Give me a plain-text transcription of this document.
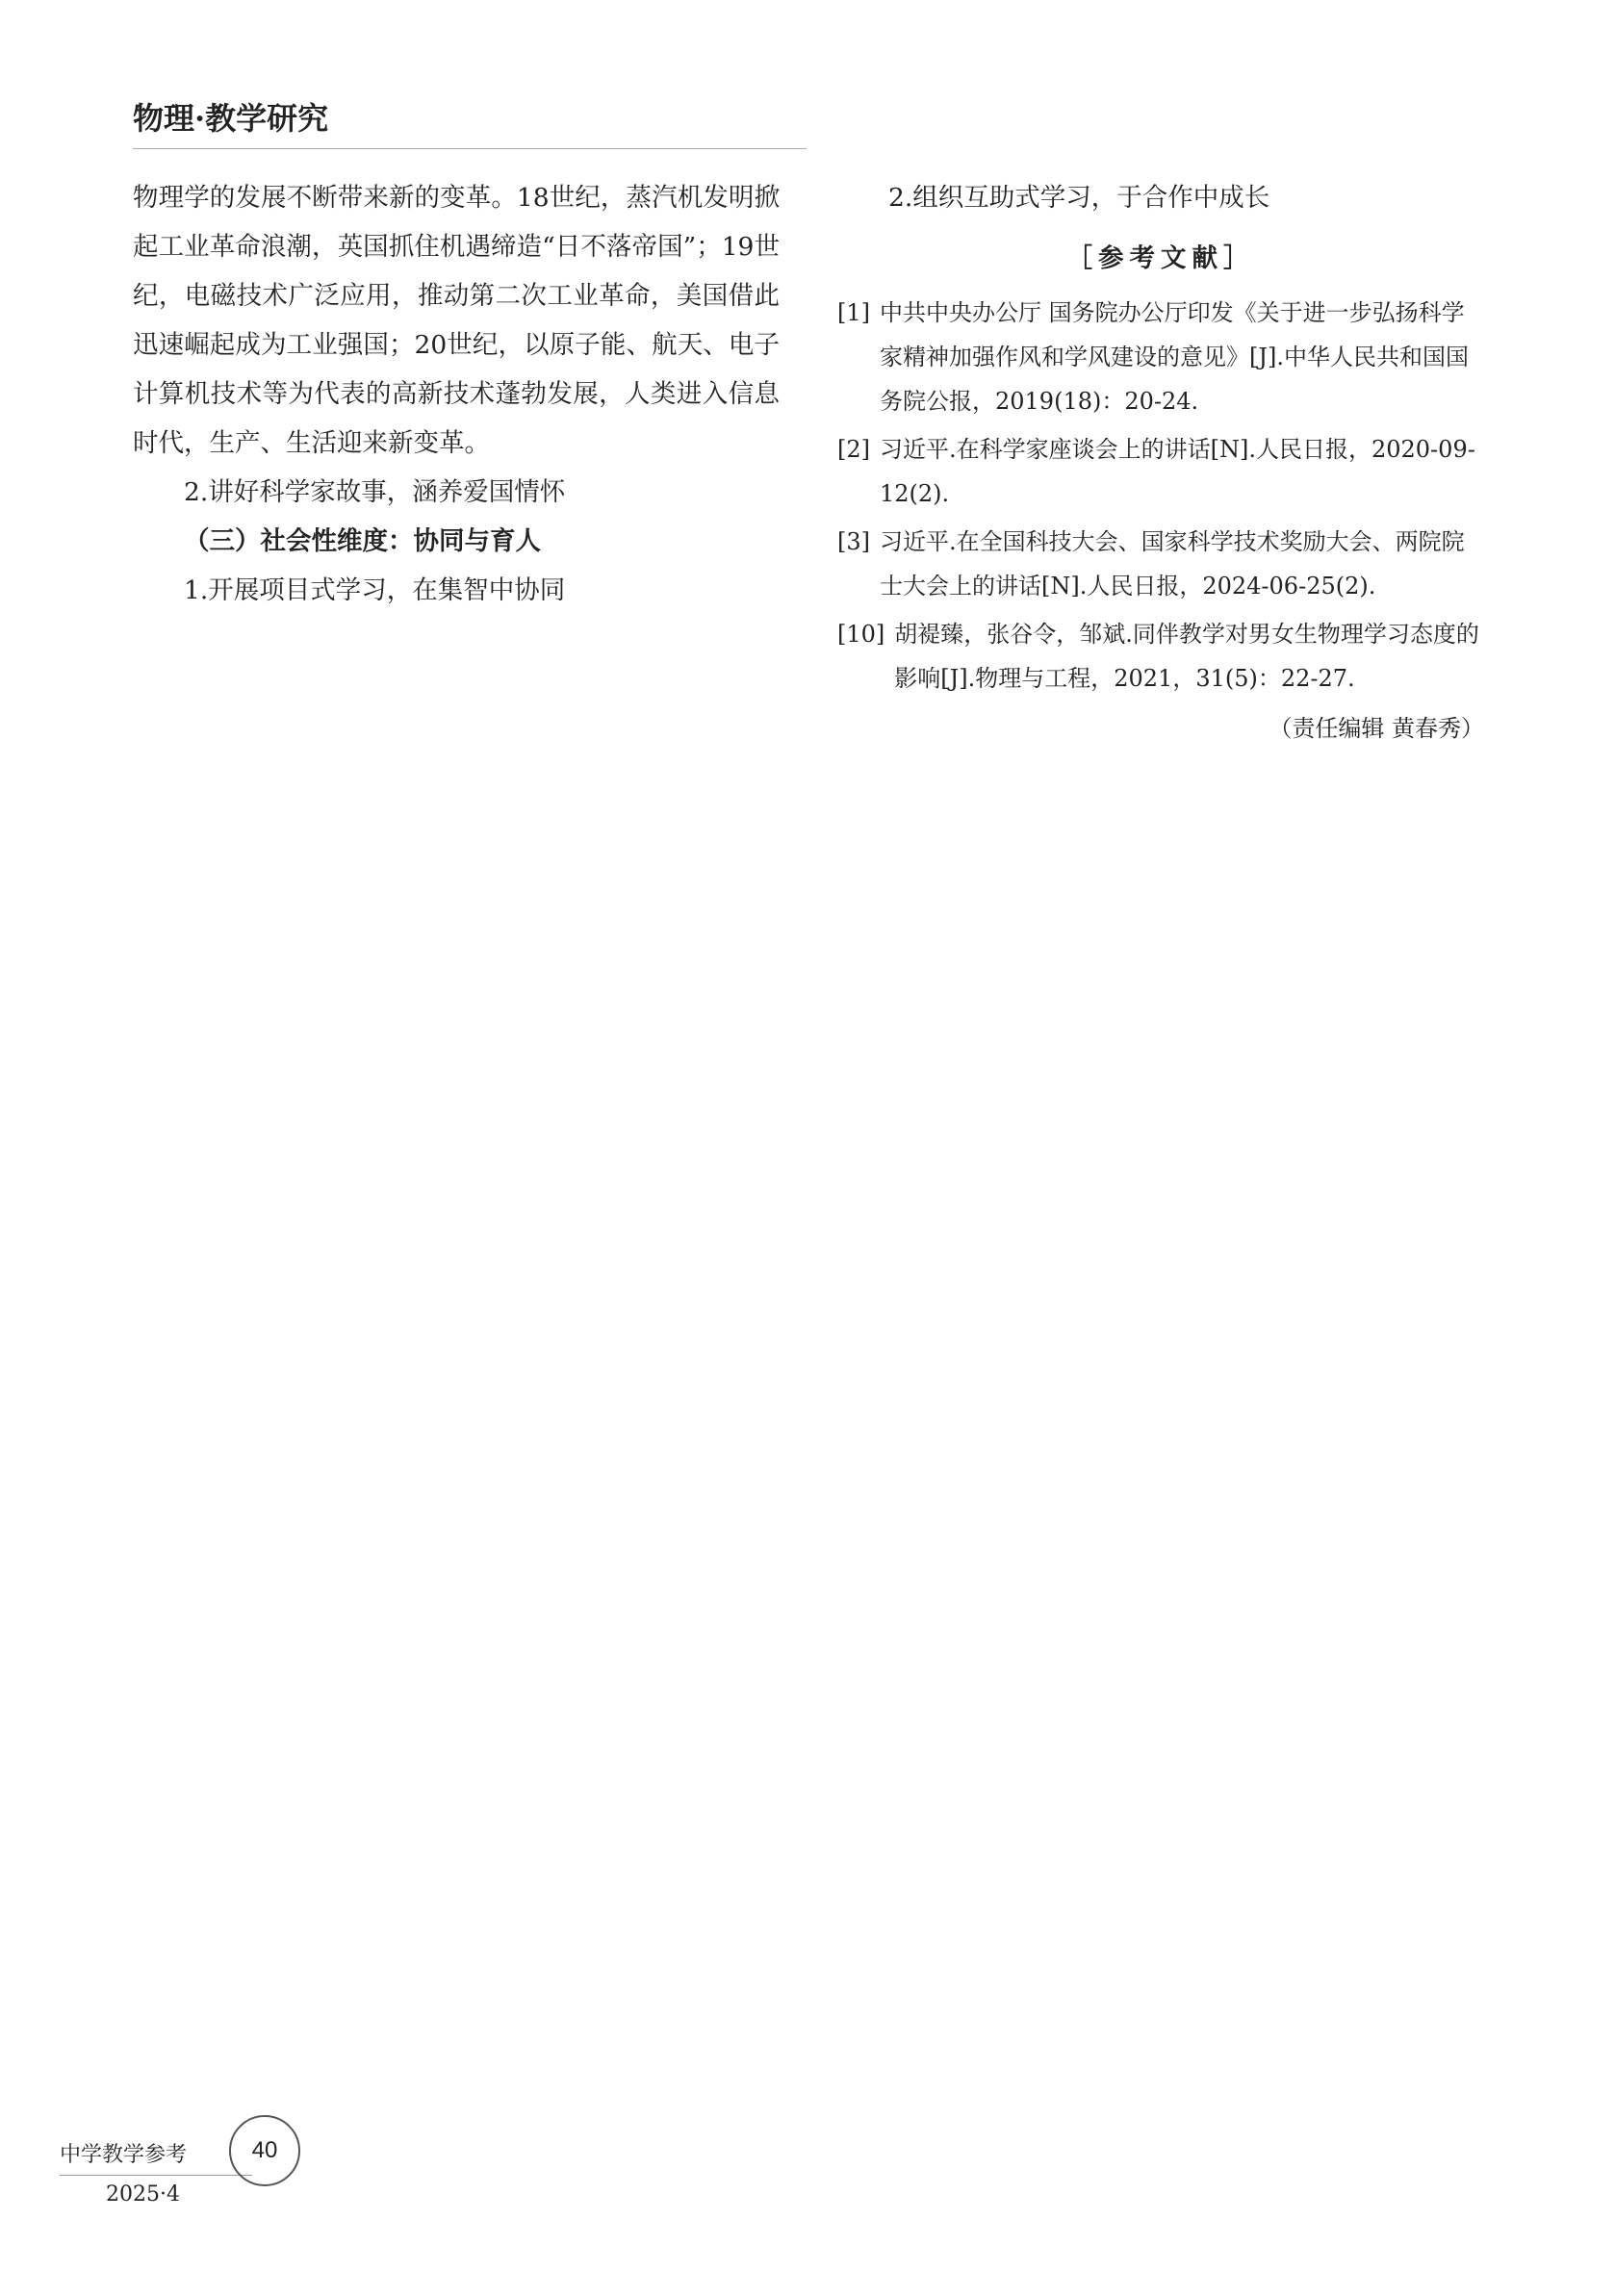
物理·教学研究

物理学的发展不断带来新的变革。18世纪，蒸汽机发明掀起工业革命浪潮，英国抓住机遇缔造“日不落帝国”；19世纪，电磁技术广泛应用，推动第二次工业革命，美国借此迅速崛起成为工业强国；20世纪，以原子能、航天、电子计算机技术等为代表的高新技术蓬勃发展，人类进入信息时代，生产、生活迎来新变革。

2.讲好科学家故事，涵养爱国情怀

（三）社会性维度：协同与育人

1.开展项目式学习，在集智中协同

2.组织互助式学习，于合作中成长

［参考文献］
[1] 中共中央办公厅 国务院办公厅印发《关于进一步弘扬科学家精神加强作风和学风建设的意见》[J].中华人民共和国国务院公报，2019(18)：20-24.
[2] 习近平.在科学家座谈会上的讲话[N].人民日报，2020-09-12(2).
[3] 习近平.在全国科技大会、国家科学技术奖励大会、两院院士大会上的讲话[N].人民日报，2024-06-25(2).
[10] 胡褆臻，张谷令，邹斌.同伴教学对男女生物理学习态度的影响[J].物理与工程，2021，31(5)：22-27.
（责任编辑 黄春秀）
中学教学参考
2025·4
40
